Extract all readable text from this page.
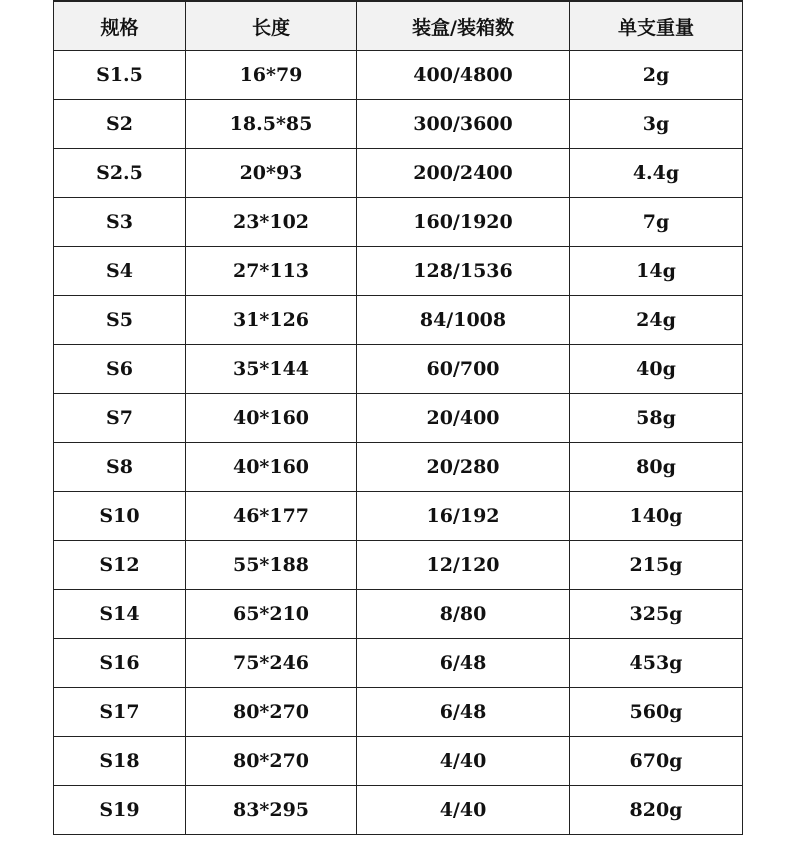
规格	长度	装盒/装箱数	单支重量
S1.5	16*79	400/4800	2g
S2	18.5*85	300/3600	3g
S2.5	20*93	200/2400	4.4g
S3	23*102	160/1920	7g
S4	27*113	128/1536	14g
S5	31*126	84/1008	24g
S6	35*144	60/700	40g
S7	40*160	20/400	58g
S8	40*160	20/280	80g
S10	46*177	16/192	140g
S12	55*188	12/120	215g
S14	65*210	8/80	325g
S16	75*246	6/48	453g
S17	80*270	6/48	560g
S18	80*270	4/40	670g
S19	83*295	4/40	820g
